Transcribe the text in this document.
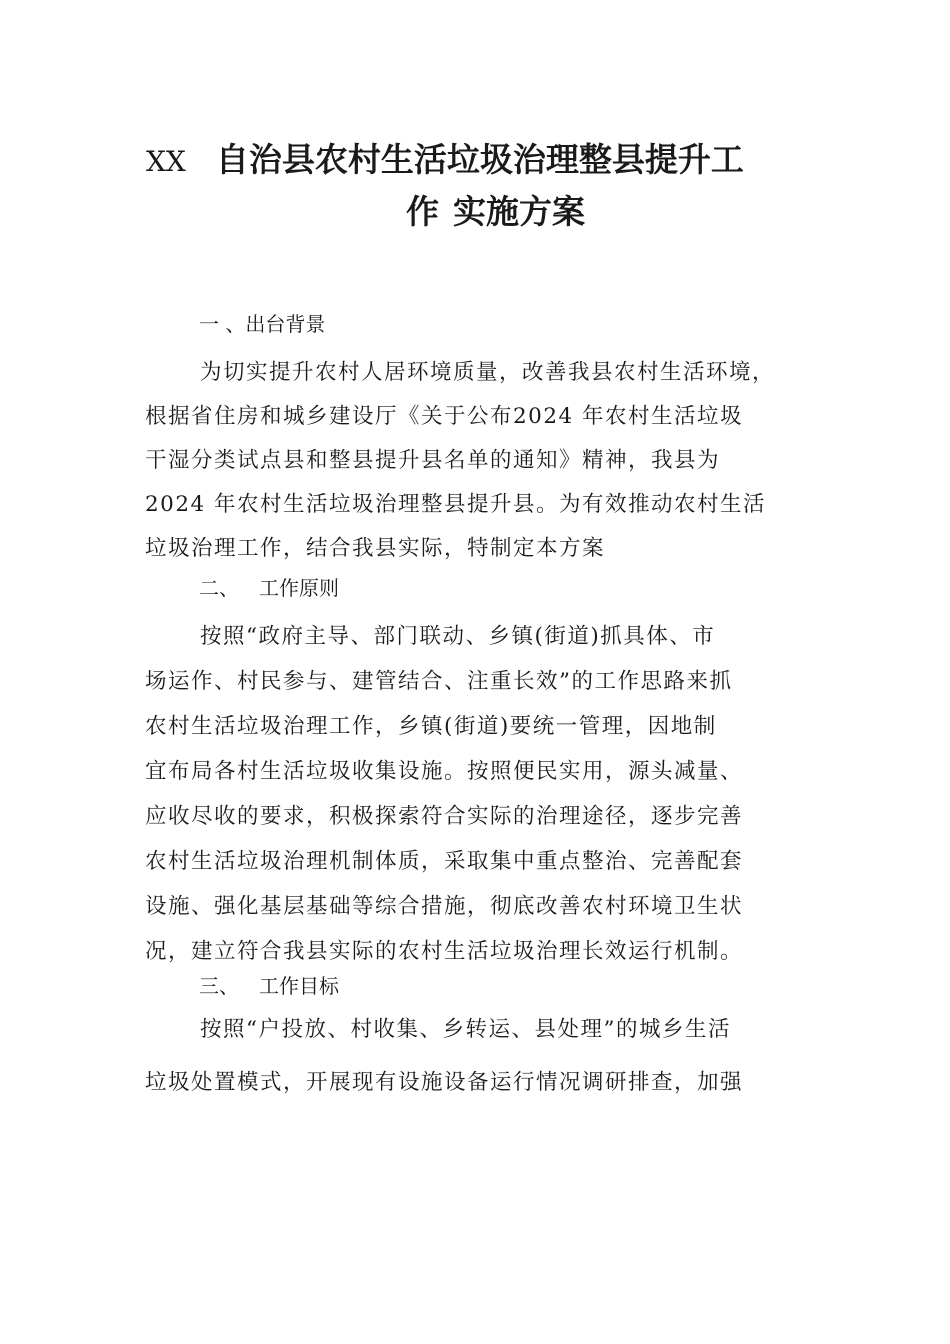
XX 自治县农村生活垃圾治理整县提升工
作 实施方案
一 、出台背景
为切实提升农村人居环境质量，改善我县农村生活环境，
根据省住房和城乡建设厅《关于公布2024 年农村生活垃圾
干湿分类试点县和整县提升县名单的通知》精神，我县为
2024 年农村生活垃圾治理整县提升县。为有效推动农村生活
垃圾治理工作，结合我县实际，特制定本方案
二、 工作原则
按照“政府主导、部门联动、乡镇(街道)抓具体、市
场运作、村民参与、建管结合、注重长效”的工作思路来抓
农村生活垃圾治理工作，乡镇(街道)要统一管理，因地制
宜布局各村生活垃圾收集设施。按照便民实用，源头减量、
应收尽收的要求，积极探索符合实际的治理途径，逐步完善
农村生活垃圾治理机制体质，采取集中重点整治、完善配套
设施、强化基层基础等综合措施，彻底改善农村环境卫生状
况，建立符合我县实际的农村生活垃圾治理长效运行机制。
三、 工作目标
按照“户投放、村收集、乡转运、县处理”的城乡生活
垃圾处置模式，开展现有设施设备运行情况调研排查，加强
